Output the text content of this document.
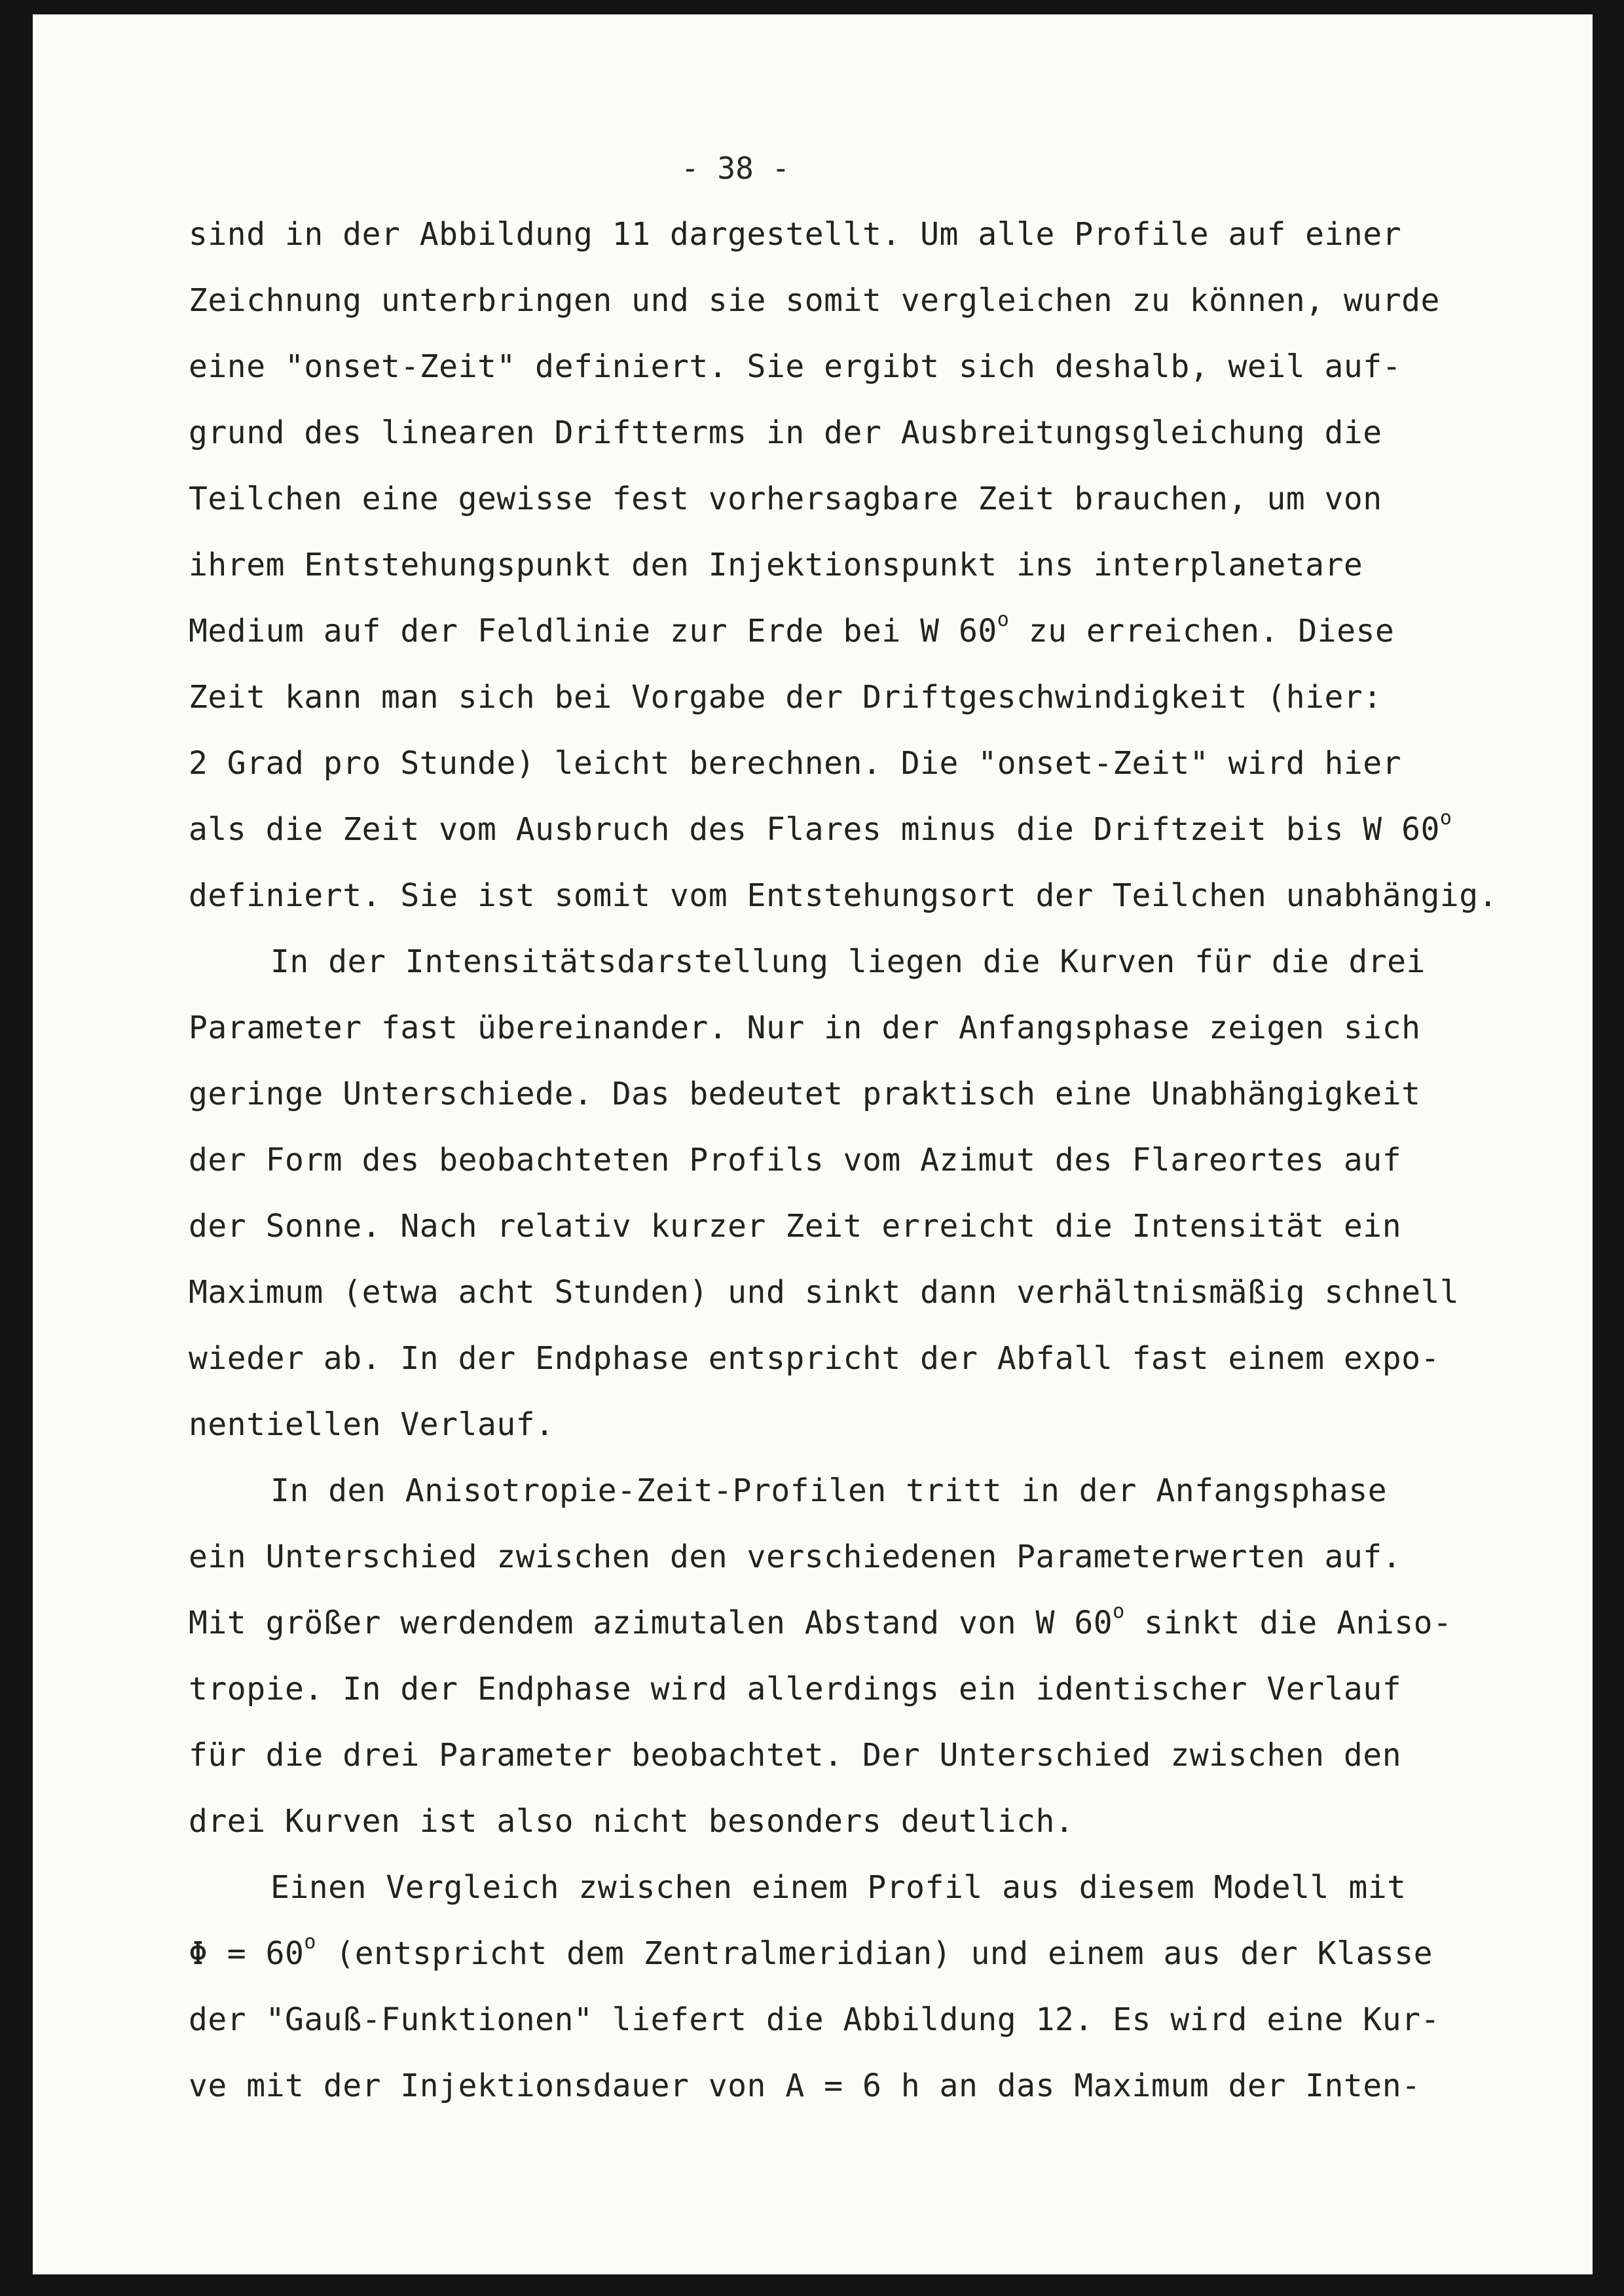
- 38 -
sind in der Abbildung 11 dargestellt. Um alle Profile auf einer
Zeichnung unterbringen und sie somit vergleichen zu können, wurde
eine "onset-Zeit" definiert. Sie ergibt sich deshalb, weil auf-
grund des linearen Driftterms in der Ausbreitungsgleichung die
Teilchen eine gewisse fest vorhersagbare Zeit brauchen, um von
ihrem Entstehungspunkt den Injektionspunkt ins interplanetare
Medium auf der Feldlinie zur Erde bei W 60$^o$ zu erreichen. Diese
Zeit kann man sich bei Vorgabe der Driftgeschwindigkeit (hier:
2 Grad pro Stunde) leicht berechnen. Die "onset-Zeit" wird hier
als die Zeit vom Ausbruch des Flares minus die Driftzeit bis W 60$^o$
definiert. Sie ist somit vom Entstehungsort der Teilchen unabhängig.
In der Intensitätsdarstellung liegen die Kurven für die drei
Parameter fast übereinander. Nur in der Anfangsphase zeigen sich
geringe Unterschiede. Das bedeutet praktisch eine Unabhängigkeit
der Form des beobachteten Profils vom Azimut des Flareortes auf
der Sonne. Nach relativ kurzer Zeit erreicht die Intensität ein
Maximum (etwa acht Stunden) und sinkt dann verhältnismäßig schnell
wieder ab. In der Endphase entspricht der Abfall fast einem expo-
nentiellen Verlauf.
In den Anisotropie-Zeit-Profilen tritt in der Anfangsphase
ein Unterschied zwischen den verschiedenen Parameterwerten auf.
Mit größer werdendem azimutalen Abstand von W 60$^o$ sinkt die Aniso-
tropie. In der Endphase wird allerdings ein identischer Verlauf
für die drei Parameter beobachtet. Der Unterschied zwischen den
drei Kurven ist also nicht besonders deutlich.
Einen Vergleich zwischen einem Profil aus diesem Modell mit
$\Phi = 60^o$ (entspricht dem Zentralmeridian) und einem aus der Klasse
der "Gauß-Funktionen" liefert die Abbildung 12. Es wird eine Kur-
ve mit der Injektionsdauer von A = 6 h an das Maximum der Inten-
